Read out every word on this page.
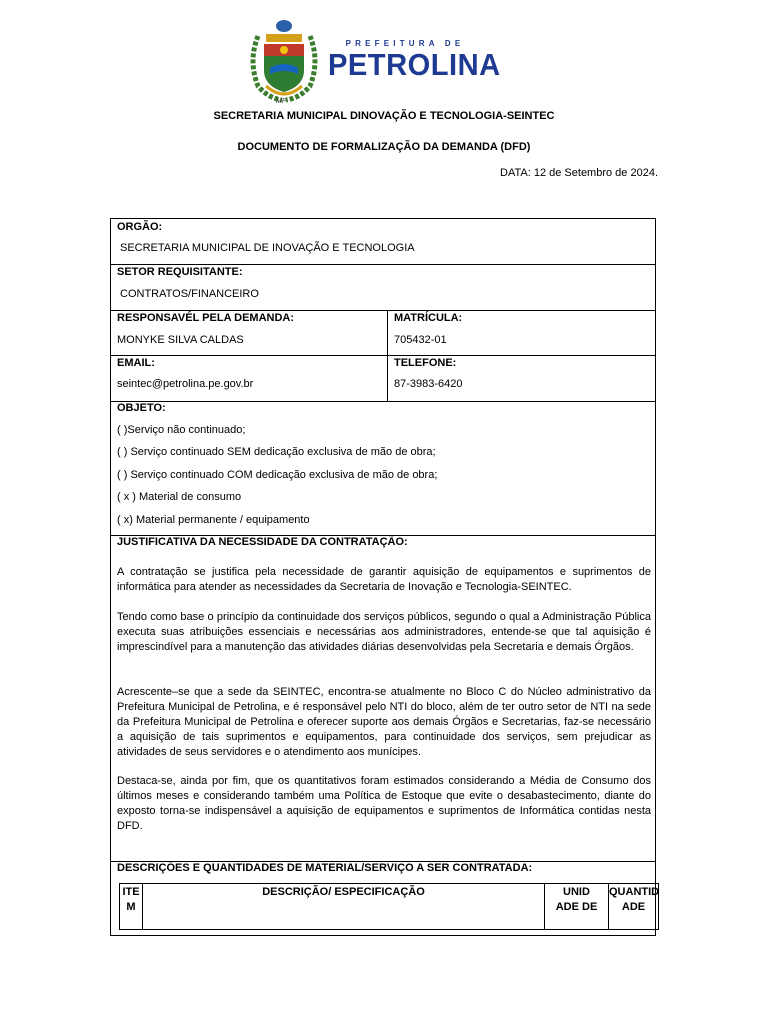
PREFEITURA DE
PETROLINA
MP
SECRETARIA MUNICIPAL DINOVAÇÃO E TECNOLOGIA-SEINTEC
DOCUMENTO DE FORMALIZAÇÃO DA DEMANDA (DFD)
DATA: 12 de Setembro de 2024.
ORGÃO:
SECRETARIA MUNICIPAL DE INOVAÇÃO E TECNOLOGIA
SETOR REQUISITANTE:
CONTRATOS/FINANCEIRO
RESPONSAVÉL PELA DEMANDA:
MONYKE SILVA CALDAS
MATRÍCULA:
705432-01
EMAIL:
seintec@petrolina.pe.gov.br
TELEFONE:
87-3983-6420
OBJETO:
( )Serviço não continuado;
( ) Serviço continuado SEM dedicação exclusiva de mão de obra;
( ) Serviço continuado COM dedicação exclusiva de mão de obra;
( x ) Material de consumo
( x) Material permanente / equipamento
JUSTIFICATIVA DA NECESSIDADE DA CONTRATAÇÃO:

A contratação se justifica pela necessidade de garantir aquisição de equipamentos e suprimentos de informática para atender as necessidades da Secretaria de Inovação e Tecnologia-SEINTEC.

Tendo como base o princípio da continuidade dos serviços públicos, segundo o qual a Administração Pública executa suas atribuições essenciais e necessárias aos administradores, entende-se que tal aquisição é imprescindível para a manutenção das atividades diárias desenvolvidas pela Secretaria e demais Órgãos.

Acrescente–se que a sede da SEINTEC, encontra-se atualmente no Bloco C do Núcleo administrativo da Prefeitura Municipal de Petrolina, e é responsável pelo NTI do bloco, além de ter outro setor de NTI na sede da Prefeitura Municipal de Petrolina e oferecer suporte aos demais Órgãos e Secretarias, faz-se necessário a aquisição de tais suprimentos e equipamentos, para continuidade dos serviços, sem prejudicar as atividades de seus servidores e o atendimento aos munícipes.

Destaca-se, ainda por fim, que os quantitativos foram estimados considerando a Média de Consumo dos últimos meses e considerando também uma Política de Estoque que evite o desabastecimento, diante do exposto torna-se indispensável a aquisição de equipamentos e suprimentos de Informática contidas nesta DFD.

DESCRIÇÕES E QUANTIDADES DE MATERIAL/SERVIÇO A SER CONTRATADA:
ITE M
DESCRIÇÃO/ ESPECIFICAÇÃO	UNID ADE DE
QUANTID ADE
